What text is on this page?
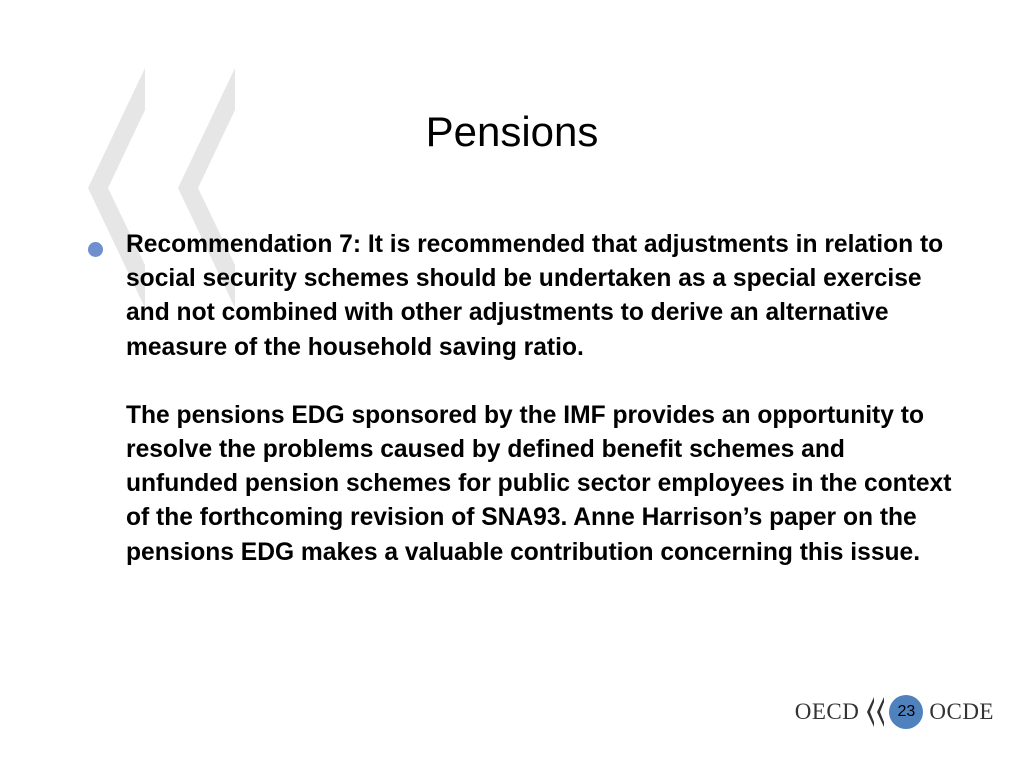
Pensions

Recommendation 7: It is recommended that adjustments in relation to social security schemes should be undertaken as a special exercise and not combined with other adjustments to derive an alternative measure of the household saving ratio.

The pensions EDG sponsored by the IMF provides an opportunity to resolve the problems caused by defined benefit schemes and unfunded pension schemes for public sector employees in the context of the forthcoming revision of SNA93. Anne Harrison’s paper on the pensions EDG makes a valuable contribution concerning this issue.

OECD	23 OCDE
